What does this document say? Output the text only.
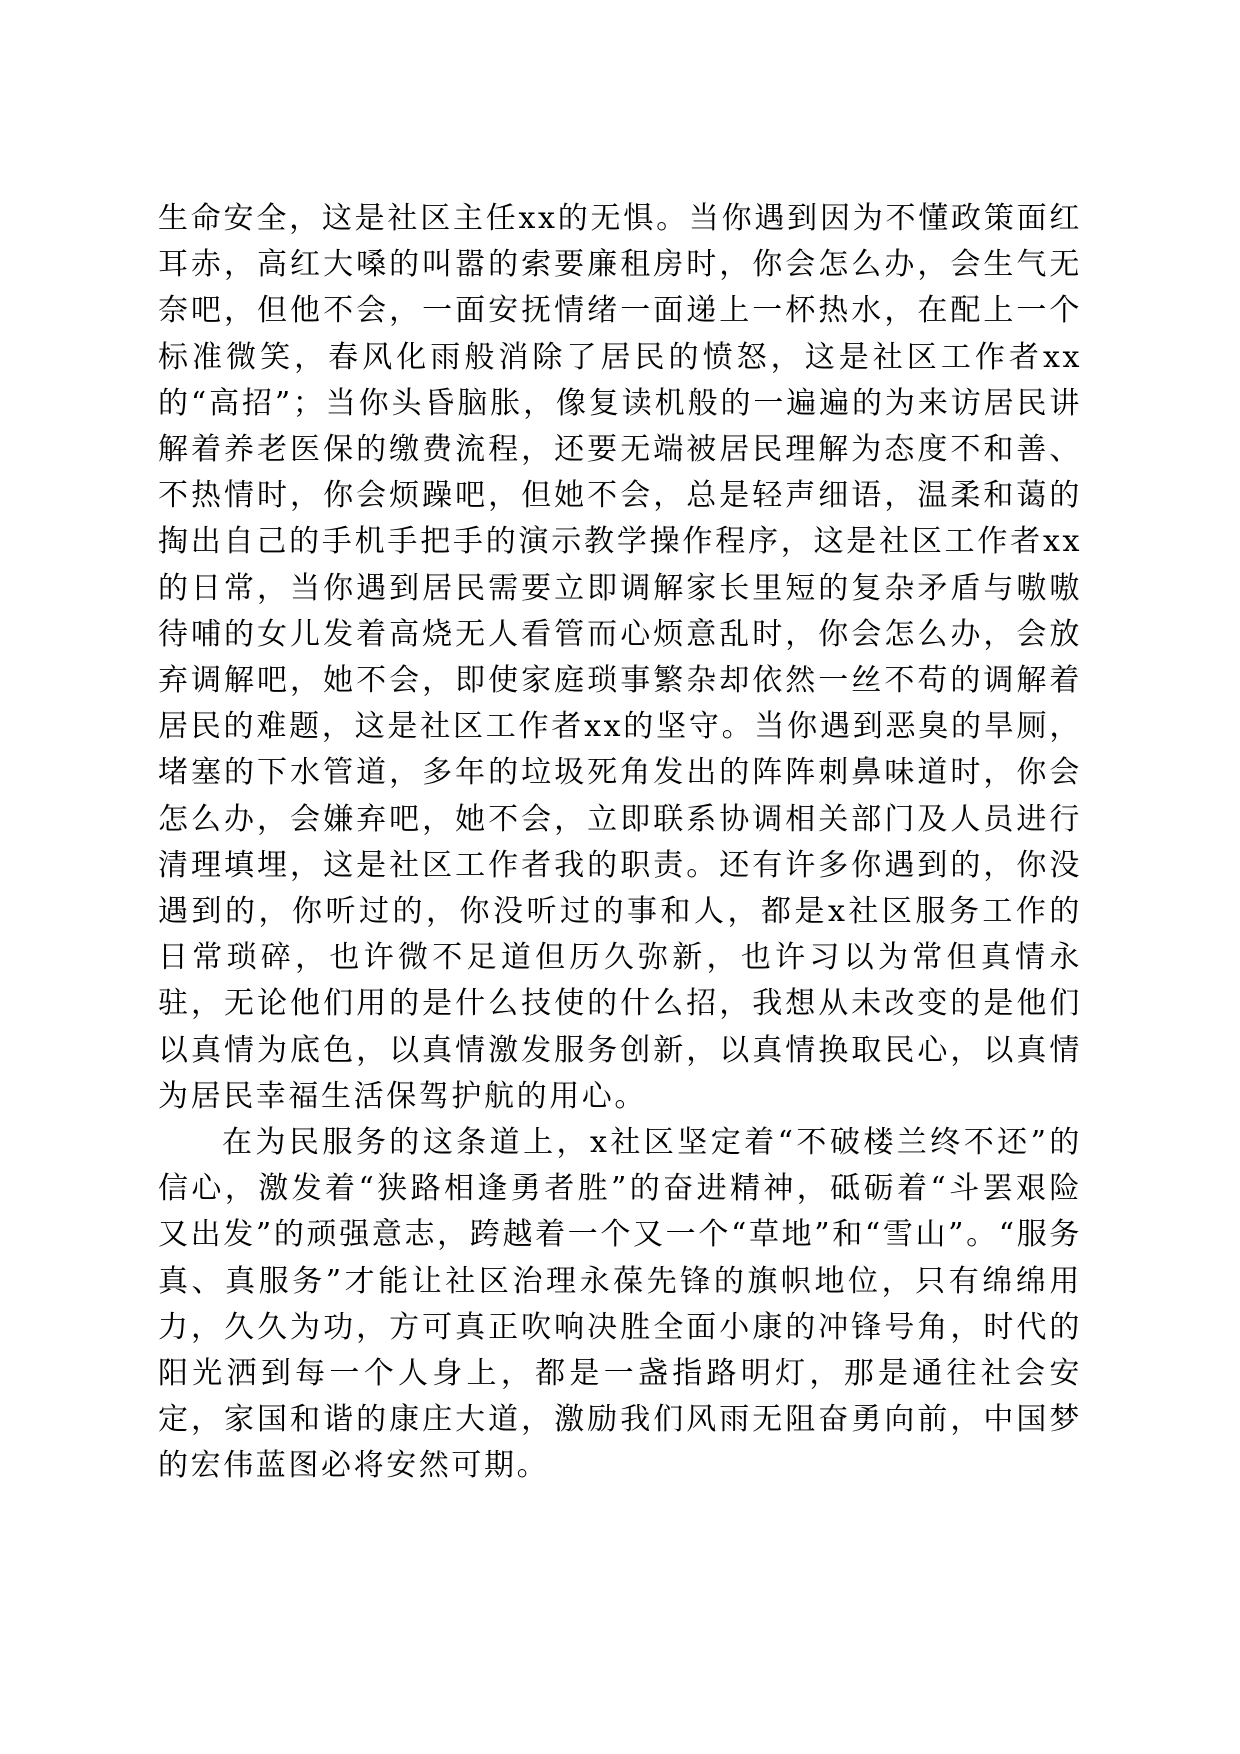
生命安全，这是社区主任xx的无惧。当你遇到因为不懂政策面红耳赤，高红大嗓的叫嚣的索要廉租房时，你会怎么办，会生气无奈吧，但他不会，一面安抚情绪一面递上一杯热水，在配上一个标准微笑，春风化雨般消除了居民的愤怒，这是社区工作者xx的“高招”；当你头昏脑胀，像复读机般的一遍遍的为来访居民讲解着养老医保的缴费流程，还要无端被居民理解为态度不和善、不热情时，你会烦躁吧，但她不会，总是轻声细语，温柔和蔼的掏出自己的手机手把手的演示教学操作程序，这是社区工作者xx的日常，当你遇到居民需要立即调解家长里短的复杂矛盾与嗷嗷待哺的女儿发着高烧无人看管而心烦意乱时，你会怎么办，会放弃调解吧，她不会，即使家庭琐事繁杂却依然一丝不苟的调解着居民的难题，这是社区工作者xx的坚守。当你遇到恶臭的旱厕，堵塞的下水管道，多年的垃圾死角发出的阵阵刺鼻味道时，你会怎么办，会嫌弃吧，她不会，立即联系协调相关部门及人员进行清理填埋，这是社区工作者我的职责。还有许多你遇到的，你没遇到的，你听过的，你没听过的事和人，都是x社区服务工作的日常琐碎，也许微不足道但历久弥新，也许习以为常但真情永驻，无论他们用的是什么技使的什么招，我想从未改变的是他们以真情为底色，以真情激发服务创新，以真情换取民心，以真情为居民幸福生活保驾护航的用心。

在为民服务的这条道上，x社区坚定着“不破楼兰终不还”的信心，激发着“狭路相逢勇者胜”的奋进精神，砥砺着“斗罢艰险又出发”的顽强意志，跨越着一个又一个“草地”和“雪山”。“服务真、真服务”才能让社区治理永葆先锋的旗帜地位，只有绵绵用力，久久为功，方可真正吹响决胜全面小康的冲锋号角，时代的阳光洒到每一个人身上，都是一盏指路明灯，那是通往社会安定，家国和谐的康庄大道，激励我们风雨无阻奋勇向前，中国梦的宏伟蓝图必将安然可期。
